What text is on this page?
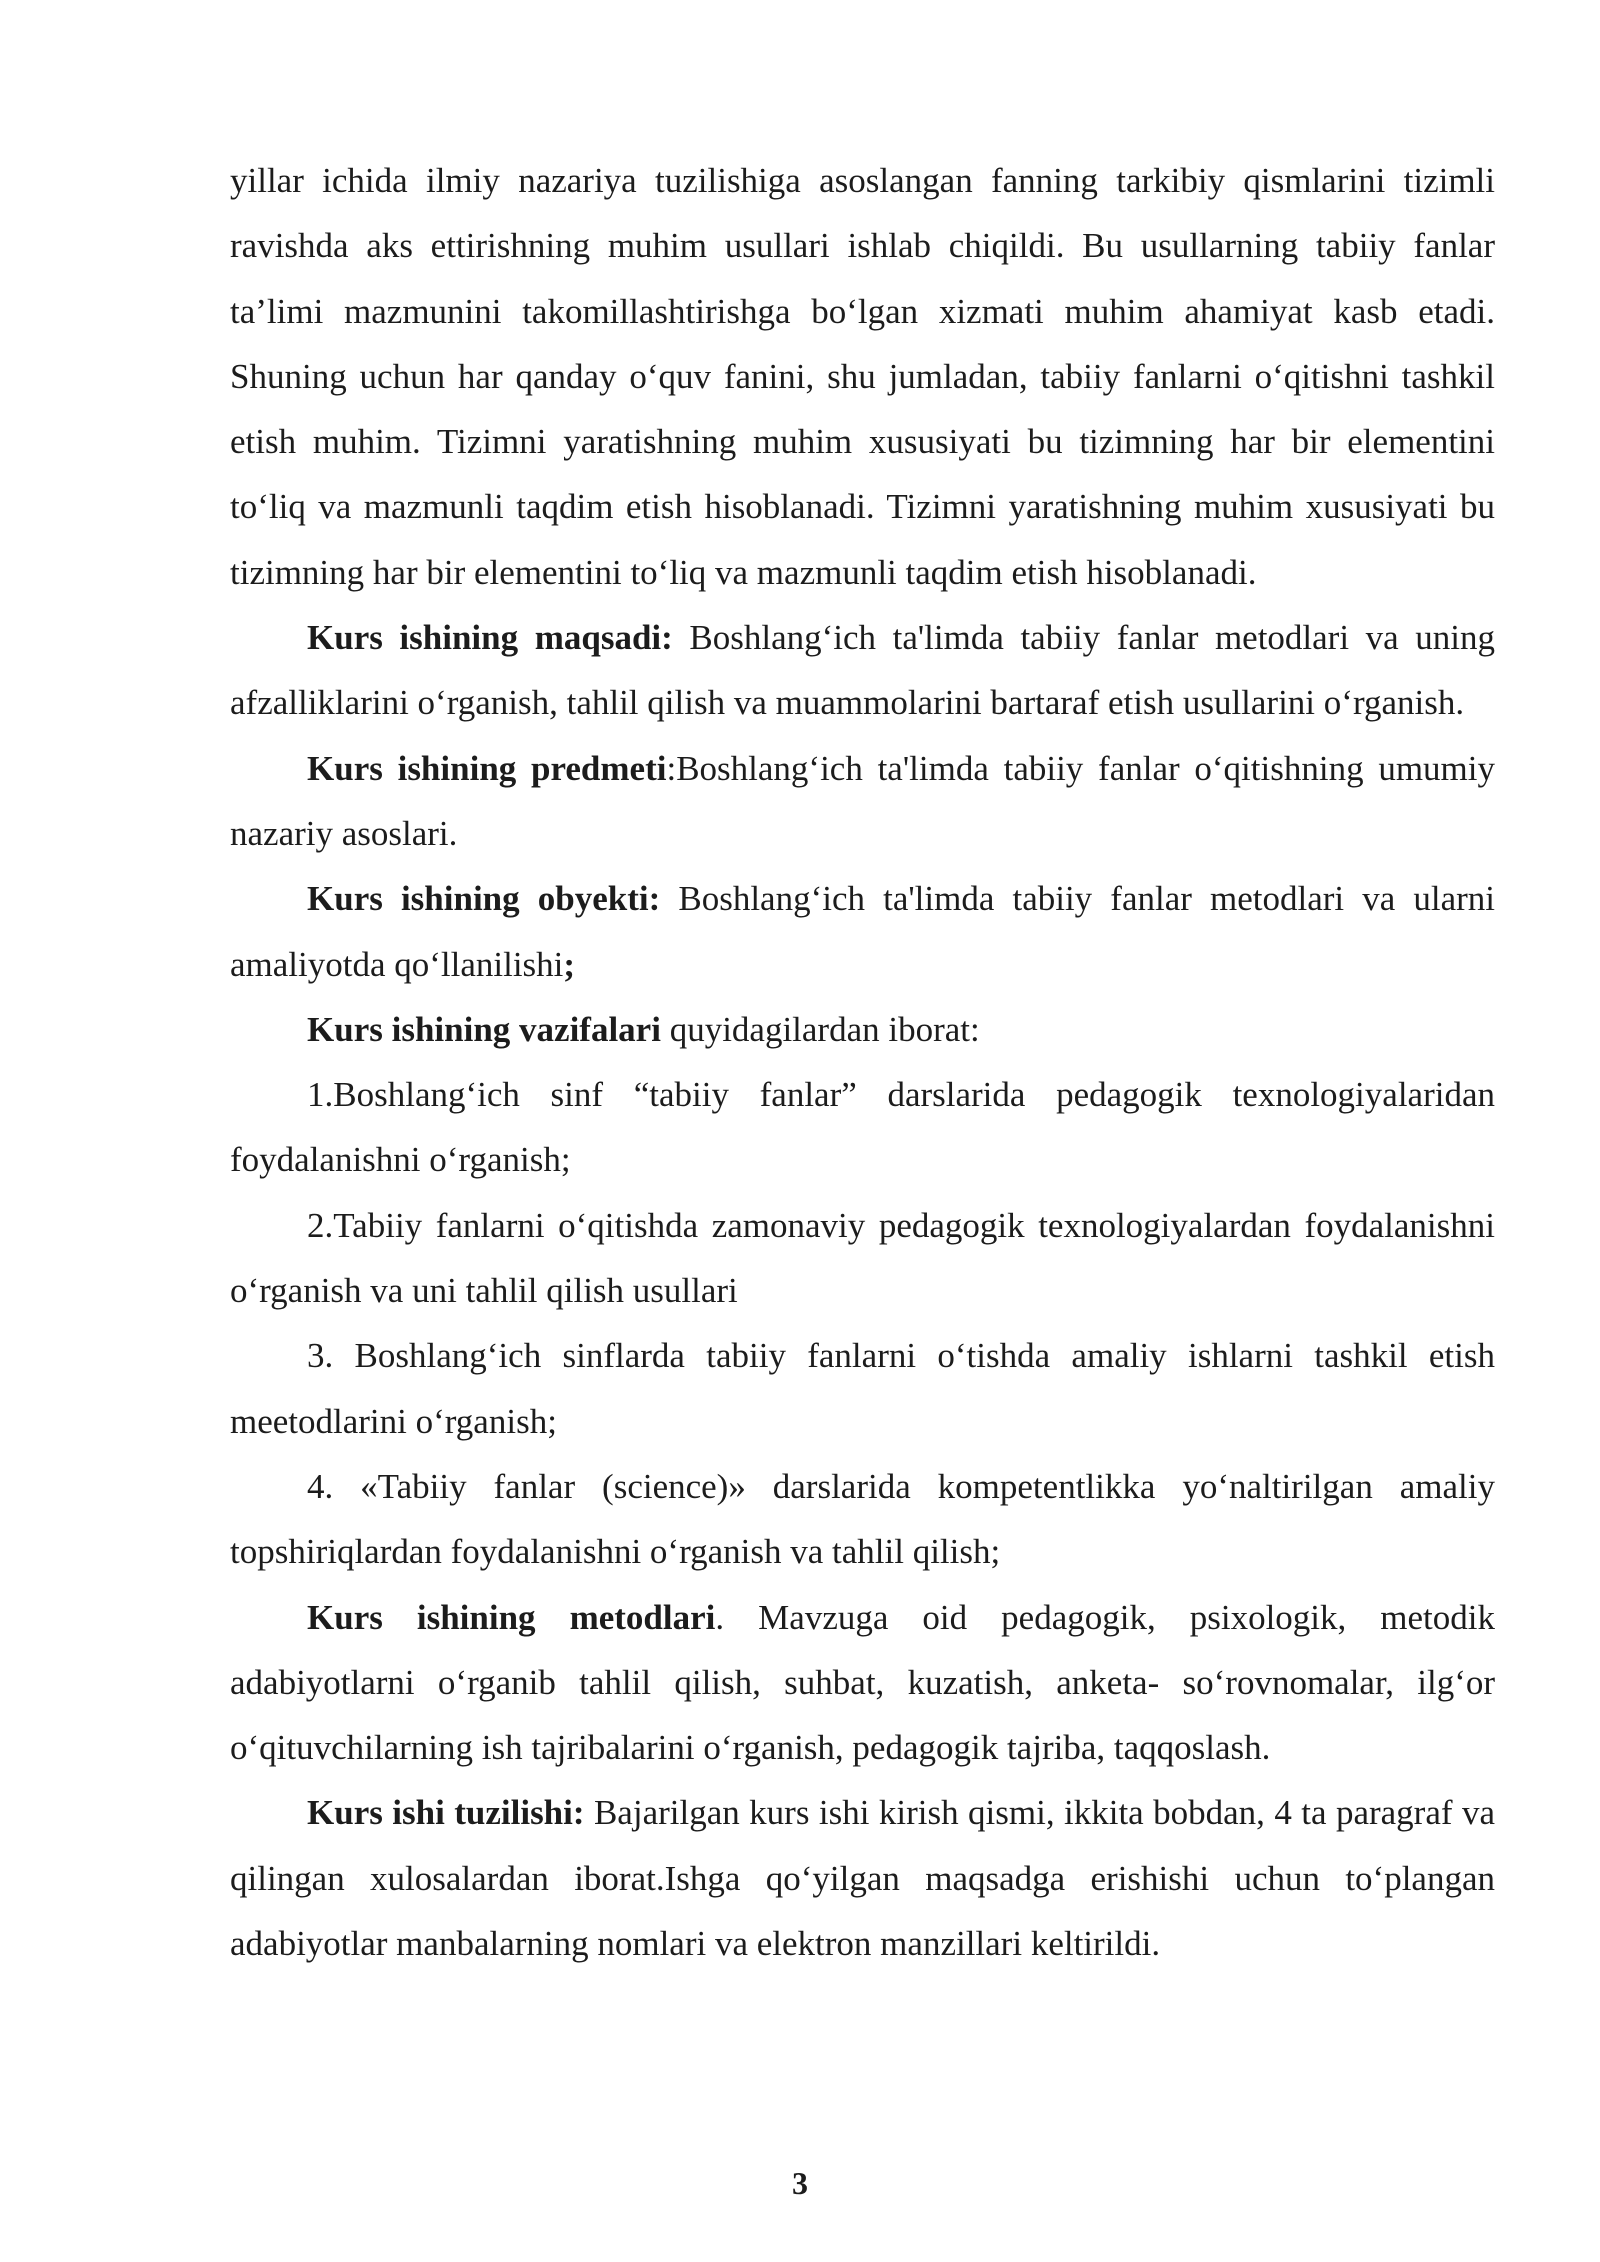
yillar ichida ilmiy nazariya tuzilishiga asoslangan fanning tarkibiy qismlarini tizimli ravishda aks ettirishning muhim usullari ishlab chiqildi. Bu usullarning tabiiy fanlar ta’limi mazmunini takomillashtirishga bo‘lgan xizmati muhim ahamiyat kasb etadi. Shuning uchun har qanday o‘quv fanini, shu jumladan, tabiiy fanlarni o‘qitishni tashkil etish muhim. Tizimni yaratishning muhim xususiyati bu tizimning har bir elementini to‘liq va mazmunli taqdim etish hisoblanadi. Tizimni yaratishning muhim xususiyati bu tizimning har bir elementini to‘liq va mazmunli taqdim etish hisoblanadi.

Kurs ishining maqsadi: Boshlang‘ich ta'limda tabiiy fanlar metodlari va uning afzalliklarini o‘rganish, tahlil qilish va muammolarini bartaraf etish usullarini o‘rganish.

Kurs ishining predmeti:Boshlang‘ich ta'limda tabiiy fanlar o‘qitishning umumiy nazariy asoslari.

Kurs ishining obyekti: Boshlang‘ich ta'limda tabiiy fanlar metodlari va ularni amaliyotda qo‘llanilishi;

Kurs ishining vazifalari quyidagilardan iborat:

1.Boshlang‘ich sinf “tabiiy fanlar” darslarida pedagogik texnologiyalaridan foydalanishni o‘rganish;

2.Tabiiy fanlarni o‘qitishda zamonaviy pedagogik texnologiyalardan foydalanishni o‘rganish va uni tahlil qilish usullari

3. Boshlang‘ich sinflarda tabiiy fanlarni o‘tishda amaliy ishlarni tashkil etish meetodlarini o‘rganish;

4. «Tabiiy fanlar (science)» darslarida kompetentlikka yo‘naltirilgan amaliy topshiriqlardan foydalanishni o‘rganish va tahlil qilish;

Kurs ishining metodlari. Mavzuga oid pedagogik, psixologik, metodik adabiyotlarni o‘rganib tahlil qilish, suhbat, kuzatish, anketa- so‘rovnomalar, ilg‘or o‘qituvchilarning ish tajribalarini o‘rganish, pedagogik tajriba, taqqoslash.

Kurs ishi tuzilishi: Bajarilgan kurs ishi kirish qismi, ikkita bobdan, 4 ta paragraf va qilingan xulosalardan iborat.Ishga qo‘yilgan maqsadga erishishi uchun to‘plangan adabiyotlar manbalarning nomlari va elektron manzillari keltirildi.

3
